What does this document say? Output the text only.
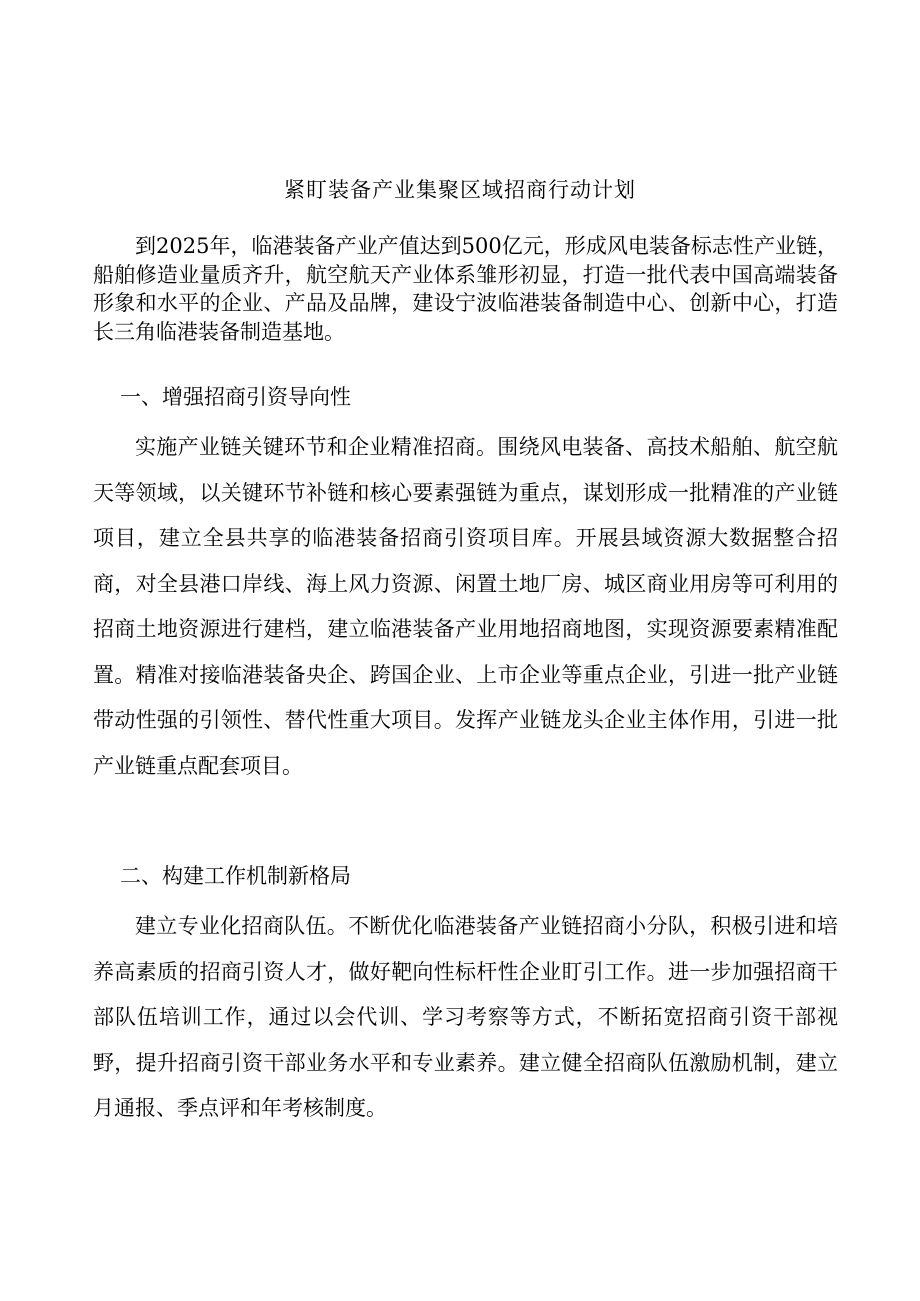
紧盯装备产业集聚区域招商行动计划

到2025年，临港装备产业产值达到500亿元，形成风电装备标志性产业链，船舶修造业量质齐升，航空航天产业体系雏形初显，打造一批代表中国高端装备形象和水平的企业、产品及品牌，建设宁波临港装备制造中心、创新中心，打造长三角临港装备制造基地。

一、增强招商引资导向性

实施产业链关键环节和企业精准招商。围绕风电装备、高技术船舶、航空航天等领域，以关键环节补链和核心要素强链为重点，谋划形成一批精准的产业链项目，建立全县共享的临港装备招商引资项目库。开展县域资源大数据整合招商，对全县港口岸线、海上风力资源、闲置土地厂房、城区商业用房等可利用的招商土地资源进行建档，建立临港装备产业用地招商地图，实现资源要素精准配置。精准对接临港装备央企、跨国企业、上市企业等重点企业，引进一批产业链带动性强的引领性、替代性重大项目。发挥产业链龙头企业主体作用，引进一批产业链重点配套项目。

二、构建工作机制新格局

建立专业化招商队伍。不断优化临港装备产业链招商小分队，积极引进和培养高素质的招商引资人才，做好靶向性标杆性企业盯引工作。进一步加强招商干部队伍培训工作，通过以会代训、学习考察等方式，不断拓宽招商引资干部视野，提升招商引资干部业务水平和专业素养。建立健全招商队伍激励机制，建立月通报、季点评和年考核制度。
